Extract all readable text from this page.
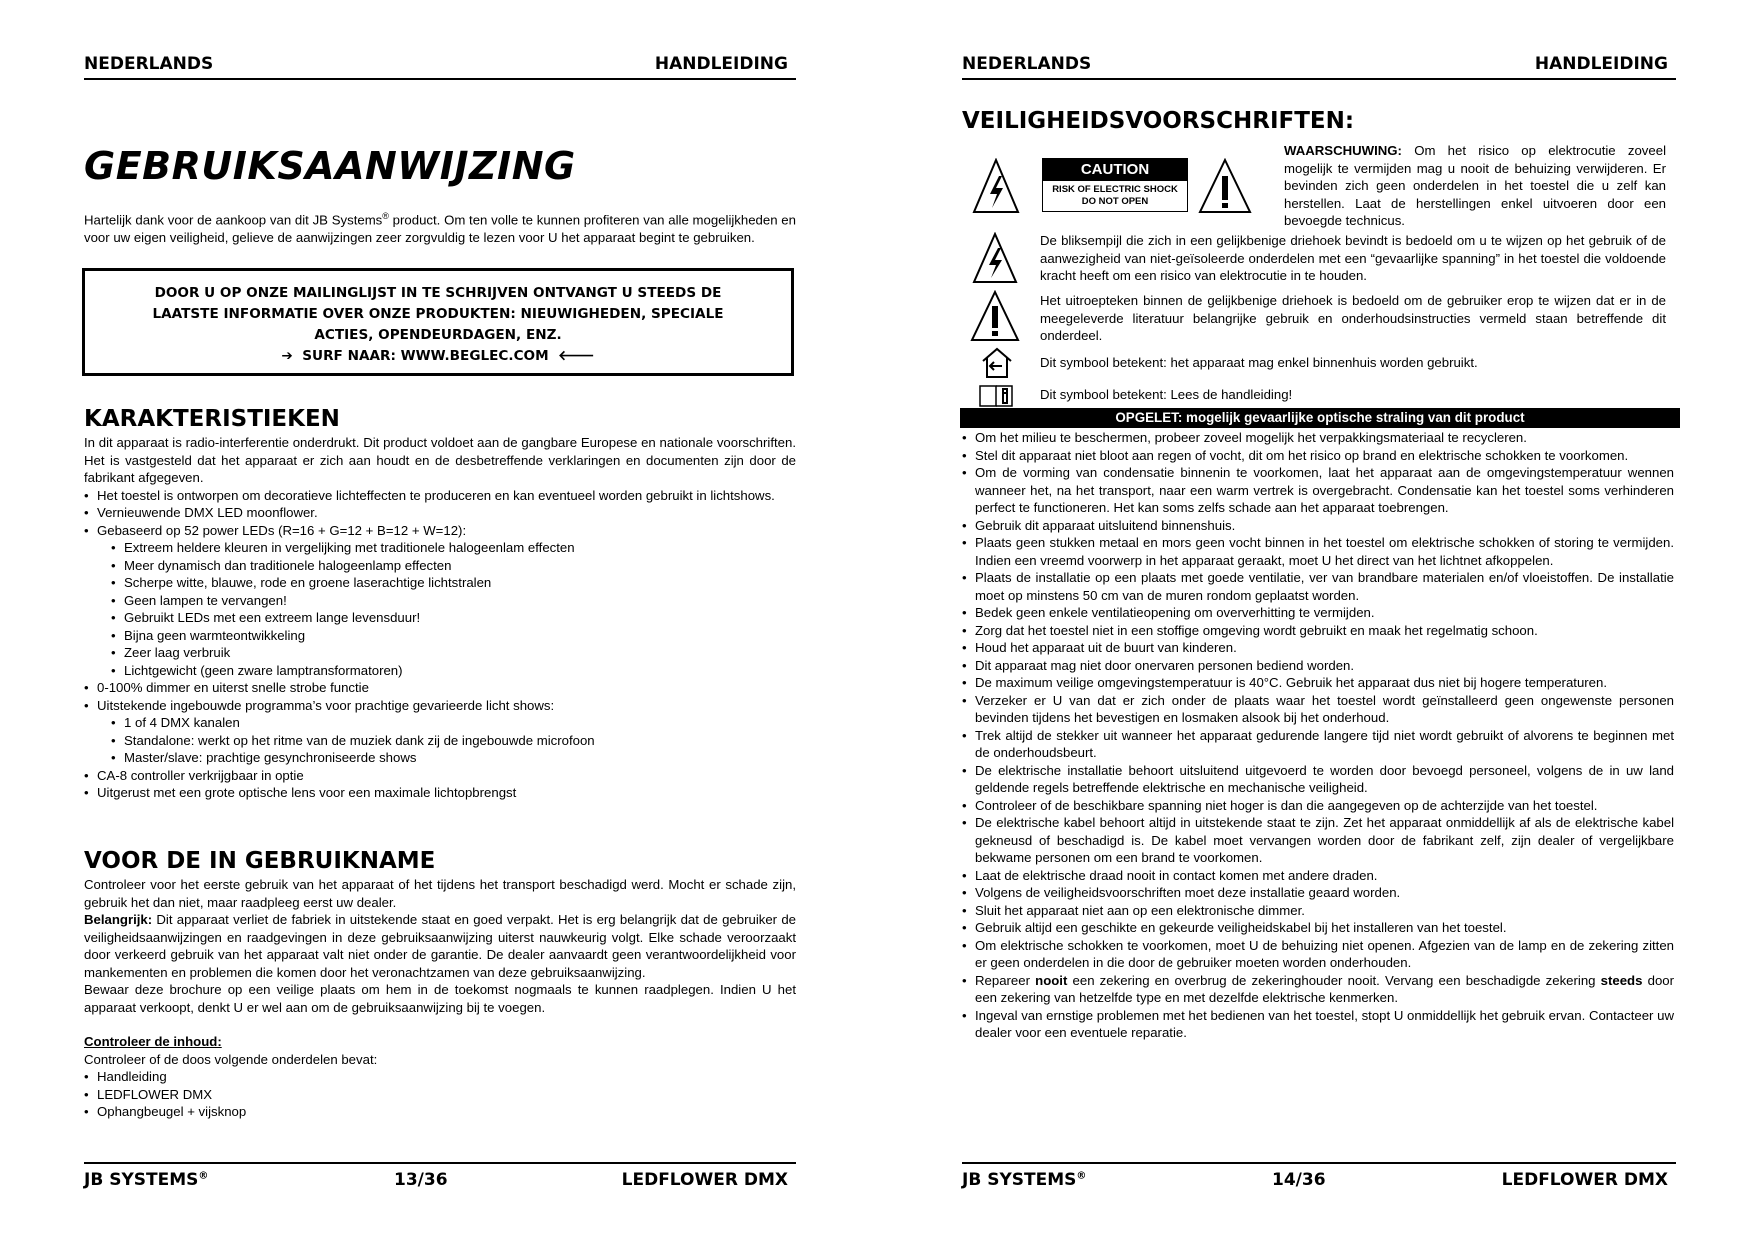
NEDERLANDS	HANDLEIDING
GEBRUIKSAANWIJZING

Hartelijk dank voor de aankoop van dit JB Systems® product. Om ten volle te kunnen profiteren van alle mogelijkheden en voor uw eigen veiligheid, gelieve de aanwijzingen zeer zorgvuldig te lezen voor U het apparaat begint te gebruiken.

DOOR U OP ONZE MAILINGLIJST IN TE SCHRIJVEN ONTVANGT U STEEDS DE
LAATSTE INFORMATIE OVER ONZE PRODUKTEN: NIEUWIGHEDEN, SPECIALE
ACTIES, OPENDEURDAGEN, ENZ.
➔ SURF NAAR: WWW.BEGLEC.COM 🡐
KARAKTERISTIEKEN

In dit apparaat is radio-interferentie onderdrukt. Dit product voldoet aan de gangbare Europese en nationale voorschriften. Het is vastgesteld dat het apparaat er zich aan houdt en de desbetreffende verklaringen en documenten zijn door de fabrikant afgegeven.

• Het toestel is ontworpen om decoratieve lichteffecten te produceren en kan eventueel worden gebruikt in lichtshows.
• Vernieuwende DMX LED moonflower.
• Gebaseerd op 52 power LEDs (R=16 + G=12 + B=12 + W=12):
• Extreem heldere kleuren in vergelijking met traditionele halogeenlam effecten
• Meer dynamisch dan traditionele halogeenlamp effecten
• Scherpe witte, blauwe, rode en groene laserachtige lichtstralen
• Geen lampen te vervangen!
• Gebruikt LEDs met een extreem lange levensduur!
• Bijna geen warmteontwikkeling
• Zeer laag verbruik
• Lichtgewicht (geen zware lamptransformatoren)
• 0-100% dimmer en uiterst snelle strobe functie
• Uitstekende ingebouwde programma’s voor prachtige gevarieerde licht shows:
• 1 of 4 DMX kanalen
• Standalone: werkt op het ritme van de muziek dank zij de ingebouwde microfoon
• Master/slave: prachtige gesynchroniseerde shows
• CA-8 controller verkrijgbaar in optie
• Uitgerust met een grote optische lens voor een maximale lichtopbrengst
VOOR DE IN GEBRUIKNAME

Controleer voor het eerste gebruik van het apparaat of het tijdens het transport beschadigd werd. Mocht er schade zijn, gebruik het dan niet, maar raadpleeg eerst uw dealer.

Belangrijk: Dit apparaat verliet de fabriek in uitstekende staat en goed verpakt. Het is erg belangrijk dat de gebruiker de veiligheidsaanwijzingen en raadgevingen in deze gebruiksaanwijzing uiterst nauwkeurig volgt. Elke schade veroorzaakt door verkeerd gebruik van het apparaat valt niet onder de garantie. De dealer aanvaardt geen verantwoordelijkheid voor mankementen en problemen die komen door het veronachtzamen van deze gebruiksaanwijzing.

Bewaar deze brochure op een veilige plaats om hem in de toekomst nogmaals te kunnen raadplegen. Indien U het apparaat verkoopt, denkt U er wel aan om de gebruiksaanwijzing bij te voegen.

Controleer de inhoud:

Controleer of de doos volgende onderdelen bevat:

• Handleiding
• LEDFLOWER DMX
• Ophangbeugel + vijsknop
JB SYSTEMS®	13/36	LEDFLOWER DMX
NEDERLANDS	HANDLEIDING
VEILIGHEIDSVOORSCHRIFTEN:
CAUTION
RISK OF ELECTRIC SHOCK
DO NOT OPEN

WAARSCHUWING: Om het risico op elektrocutie zoveel mogelijk te vermijden mag u nooit de behuizing verwijderen. Er bevinden zich geen onderdelen in het toestel die u zelf kan herstellen. Laat de herstellingen enkel uitvoeren door een bevoegde technicus.

De bliksempijl die zich in een gelijkbenige driehoek bevindt is bedoeld om u te wijzen op het gebruik of de aanwezigheid van niet-geïsoleerde onderdelen met een “gevaarlijke spanning” in het toestel die voldoende kracht heeft om een risico van elektrocutie in te houden.
Het uitroepteken binnen de gelijkbenige driehoek is bedoeld om de gebruiker erop te wijzen dat er in de meegeleverde literatuur belangrijke gebruik en onderhoudsinstructies vermeld staan betreffende dit onderdeel.
Dit symbool betekent: het apparaat mag enkel binnenhuis worden gebruikt.
Dit symbool betekent: Lees de handleiding!
OPGELET: mogelijk gevaarlijke optische straling van dit product
• Om het milieu te beschermen, probeer zoveel mogelijk het verpakkingsmateriaal te recycleren.
• Stel dit apparaat niet bloot aan regen of vocht, dit om het risico op brand en elektrische schokken te voorkomen.
• Om de vorming van condensatie binnenin te voorkomen, laat het apparaat aan de omgevingstemperatuur wennen wanneer het, na het transport, naar een warm vertrek is overgebracht. Condensatie kan het toestel soms verhinderen perfect te functioneren. Het kan soms zelfs schade aan het apparaat toebrengen.
• Gebruik dit apparaat uitsluitend binnenshuis.
• Plaats geen stukken metaal en mors geen vocht binnen in het toestel om elektrische schokken of storing te vermijden. Indien een vreemd voorwerp in het apparaat geraakt, moet U het direct van het lichtnet afkoppelen.
• Plaats de installatie op een plaats met goede ventilatie, ver van brandbare materialen en/of vloeistoffen. De installatie moet op minstens 50 cm van de muren rondom geplaatst worden.
• Bedek geen enkele ventilatieopening om oververhitting te vermijden.
• Zorg dat het toestel niet in een stoffige omgeving wordt gebruikt en maak het regelmatig schoon.
• Houd het apparaat uit de buurt van kinderen.
• Dit apparaat mag niet door onervaren personen bediend worden.
• De maximum veilige omgevingstemperatuur is 40°C. Gebruik het apparaat dus niet bij hogere temperaturen.
• Verzeker er U van dat er zich onder de plaats waar het toestel wordt geïnstalleerd geen ongewenste personen bevinden tijdens het bevestigen en losmaken alsook bij het onderhoud.
• Trek altijd de stekker uit wanneer het apparaat gedurende langere tijd niet wordt gebruikt of alvorens te beginnen met de onderhoudsbeurt.
• De elektrische installatie behoort uitsluitend uitgevoerd te worden door bevoegd personeel, volgens de in uw land geldende regels betreffende elektrische en mechanische veiligheid.
• Controleer of de beschikbare spanning niet hoger is dan die aangegeven op de achterzijde van het toestel.
• De elektrische kabel behoort altijd in uitstekende staat te zijn. Zet het apparaat onmiddellijk af als de elektrische kabel gekneusd of beschadigd is. De kabel moet vervangen worden door de fabrikant zelf, zijn dealer of vergelijkbare bekwame personen om een brand te voorkomen.
• Laat de elektrische draad nooit in contact komen met andere draden.
• Volgens de veiligheidsvoorschriften moet deze installatie geaard worden.
• Sluit het apparaat niet aan op een elektronische dimmer.
• Gebruik altijd een geschikte en gekeurde veiligheidskabel bij het installeren van het toestel.
• Om elektrische schokken te voorkomen, moet U de behuizing niet openen. Afgezien van de lamp en de zekering zitten er geen onderdelen in die door de gebruiker moeten worden onderhouden.
• Repareer nooit een zekering en overbrug de zekeringhouder nooit. Vervang een beschadigde zekering steeds door een zekering van hetzelfde type en met dezelfde elektrische kenmerken.
• Ingeval van ernstige problemen met het bedienen van het toestel, stopt U onmiddellijk het gebruik ervan. Contacteer uw dealer voor een eventuele reparatie.
JB SYSTEMS®	14/36	LEDFLOWER DMX
